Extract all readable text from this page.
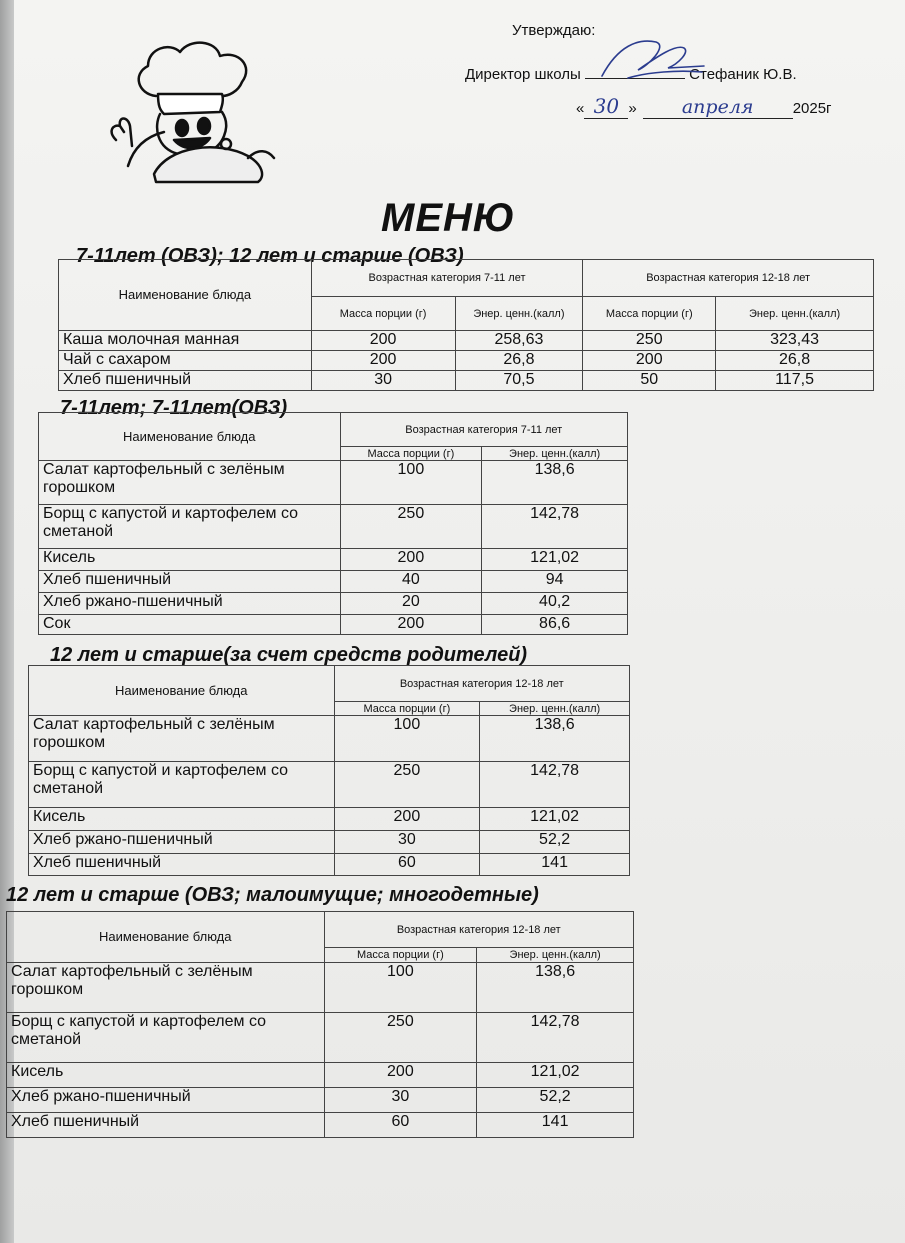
Утверждаю:
Директор школы	Стефаник Ю.В.
« 30 » апреля	2025г
МЕНЮ
7-11лет (ОВЗ); 12 лет и старше (ОВЗ)
Наименование блюда	Возрастная категория 7-11 лет		Возрастная категория 12-18 лет	
	Масса порции (г)	Энер. ценн.(калл)	Масса порции (г)	Энер. ценн.(калл)
Каша молочная манная	200	258,63	250	323,43
Чай с сахаром	200	26,8	200	26,8
Хлеб пшеничный	30	70,5	50	117,5
7-11лет; 7-11лет(ОВЗ)
Наименование блюда	Возрастная категория 7-11 лет	
	Масса порции (г)	Энер. ценн.(калл)
Салат картофельный с зелёным горошком	100	138,6
Борщ с капустой и картофелем со сметаной	250	142,78
Кисель	200	121,02
Хлеб пшеничный	40	94
Хлеб ржано-пшеничный	20	40,2
Сок	200	86,6
12 лет и старше(за счет средств родителей)
Наименование блюда	Возрастная категория 12-18 лет	
	Масса порции (г)	Энер. ценн.(калл)
Салат картофельный с зелёным горошком	100	138,6
Борщ с капустой и картофелем со сметаной	250	142,78
Кисель	200	121,02
Хлеб ржано-пшеничный	30	52,2
Хлеб пшеничный	60	141
12 лет и старше (ОВЗ; малоимущие; многодетные)
Наименование блюда	Возрастная категория 12-18 лет	
	Масса порции (г)	Энер. ценн.(калл)
Салат картофельный с зелёным горошком	100	138,6
Борщ с капустой и картофелем со сметаной	250	142,78
Кисель	200	121,02
Хлеб ржано-пшеничный	30	52,2
Хлеб пшеничный	60	141
